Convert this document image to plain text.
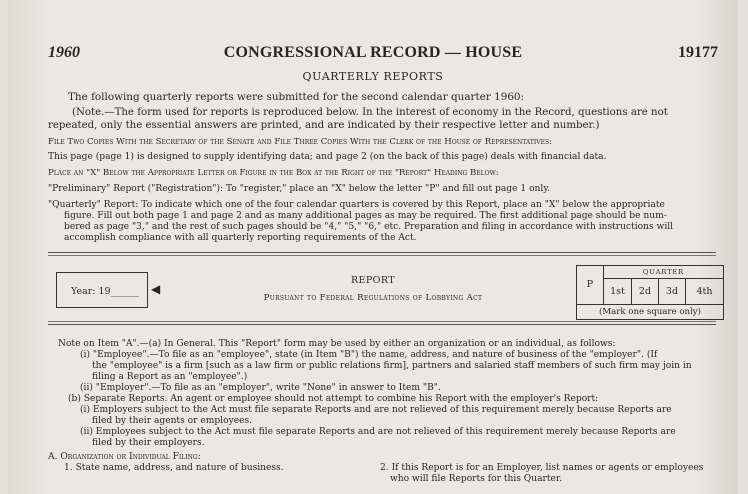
1960	CONGRESSIONAL RECORD — HOUSE	19177
QUARTERLY REPORTS
The following quarterly reports were submitted for the second calendar quarter 1960:
(Note.—The form used for reports is reproduced below. In the interest of economy in the Record, questions are not
repeated, only the essential answers are printed, and are indicated by their respective letter and number.)
File Two Copies With the Secretary of the Senate and File Three Copies With the Clerk of the House of Representatives:
This page (page 1) is designed to supply identifying data; and page 2 (on the back of this page) deals with financial data.
Place an "X" Below the Appropriate Letter or Figure in the Box at the Right of the "Report" Heading Below:
"Preliminary" Report ("Registration"): To "register," place an "X" below the letter "P" and fill out page 1 only.
"Quarterly" Report: To indicate which one of the four calendar quarters is covered by this Report, place an "X" below the appropriate
figure. Fill out both page 1 and page 2 and as many additional pages as may be required. The first additional page should be num-
bered as page "3," and the rest of such pages should be "4," "5," "6," etc. Preparation and filing in accordance with instructions will
accomplish compliance with all quarterly reporting requirements of the Act.
Year: 19______ ◀
REPORT
Pursuant to Federal Regulations of Lobbying Act
P
QUARTER
1st	2d	3d	4th
(Mark one square only)
Note on Item "A".—(a) In General. This "Report" form may be used by either an organization or an individual, as follows:
(i) "Employee".—To file as an "employee", state (in Item "B") the name, address, and nature of business of the "employer". (If
the "employee" is a firm [such as a law firm or public relations firm], partners and salaried staff members of such firm may join in
filing a Report as an "employee".)
(ii) "Employer".—To file as an "employer", write "None" in answer to Item "B".
(b) Separate Reports. An agent or employee should not attempt to combine his Report with the employer's Report:
(i) Employers subject to the Act must file separate Reports and are not relieved of this requirement merely because Reports are
filed by their agents or employees.
(ii) Employees subject to the Act must file separate Reports and are not relieved of this requirement merely because Reports are
filed by their employers.
A. Organization or Individual Filing:
1. State name, address, and nature of business.	2. If this Report is for an Employer, list names or agents or employees
who will file Reports for this Quarter.
